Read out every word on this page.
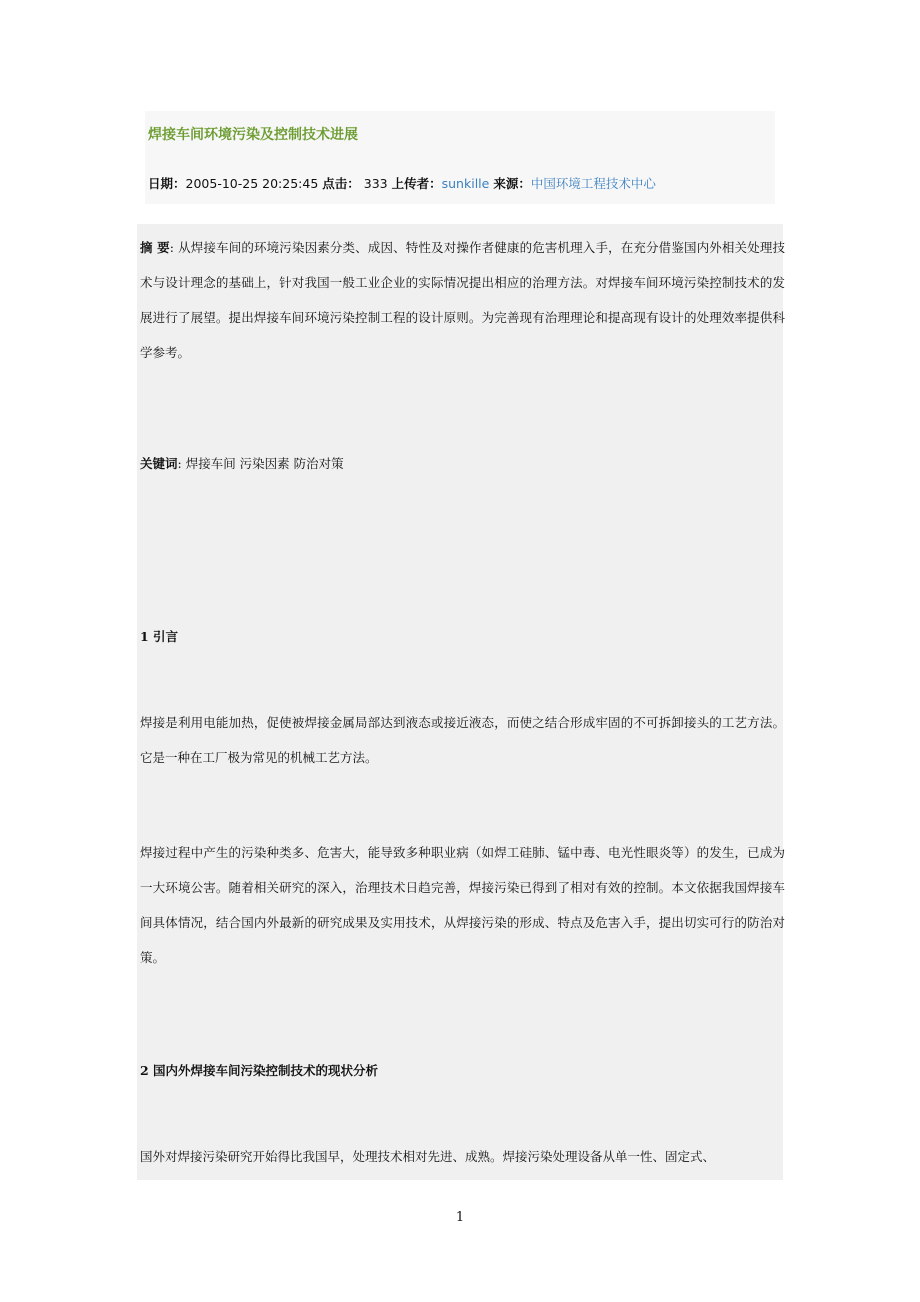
焊接车间环境污染及控制技术进展
日期：2005-10-25 20:25:45 点击： 333 上传者：sunkille 来源：中国环境工程技术中心

摘 要: 从焊接车间的环境污染因素分类、成因、特性及对操作者健康的危害机理入手，在充分借鉴国内外相关处理技术与设计理念的基础上，针对我国一般工业企业的实际情况提出相应的治理方法。对焊接车间环境污染控制技术的发展进行了展望。提出焊接车间环境污染控制工程的设计原则。为完善现有治理理论和提高现有设计的处理效率提供科学参考。

关键词: 焊接车间 污染因素 防治对策

1 引言

焊接是利用电能加热，促使被焊接金属局部达到液态或接近液态，而使之结合形成牢固的不可拆卸接头的工艺方法。它是一种在工厂极为常见的机械工艺方法。

焊接过程中产生的污染种类多、危害大，能导致多种职业病（如焊工硅肺、锰中毒、电光性眼炎等）的发生，已成为一大环境公害。随着相关研究的深入，治理技术日趋完善，焊接污染已得到了相对有效的控制。本文依据我国焊接车间具体情况，结合国内外最新的研究成果及实用技术，从焊接污染的形成、特点及危害入手，提出切实可行的防治对策。

2 国内外焊接车间污染控制技术的现状分析

国外对焊接污染研究开始得比我国早，处理技术相对先进、成熟。焊接污染处理设备从单一性、固定式、

1
